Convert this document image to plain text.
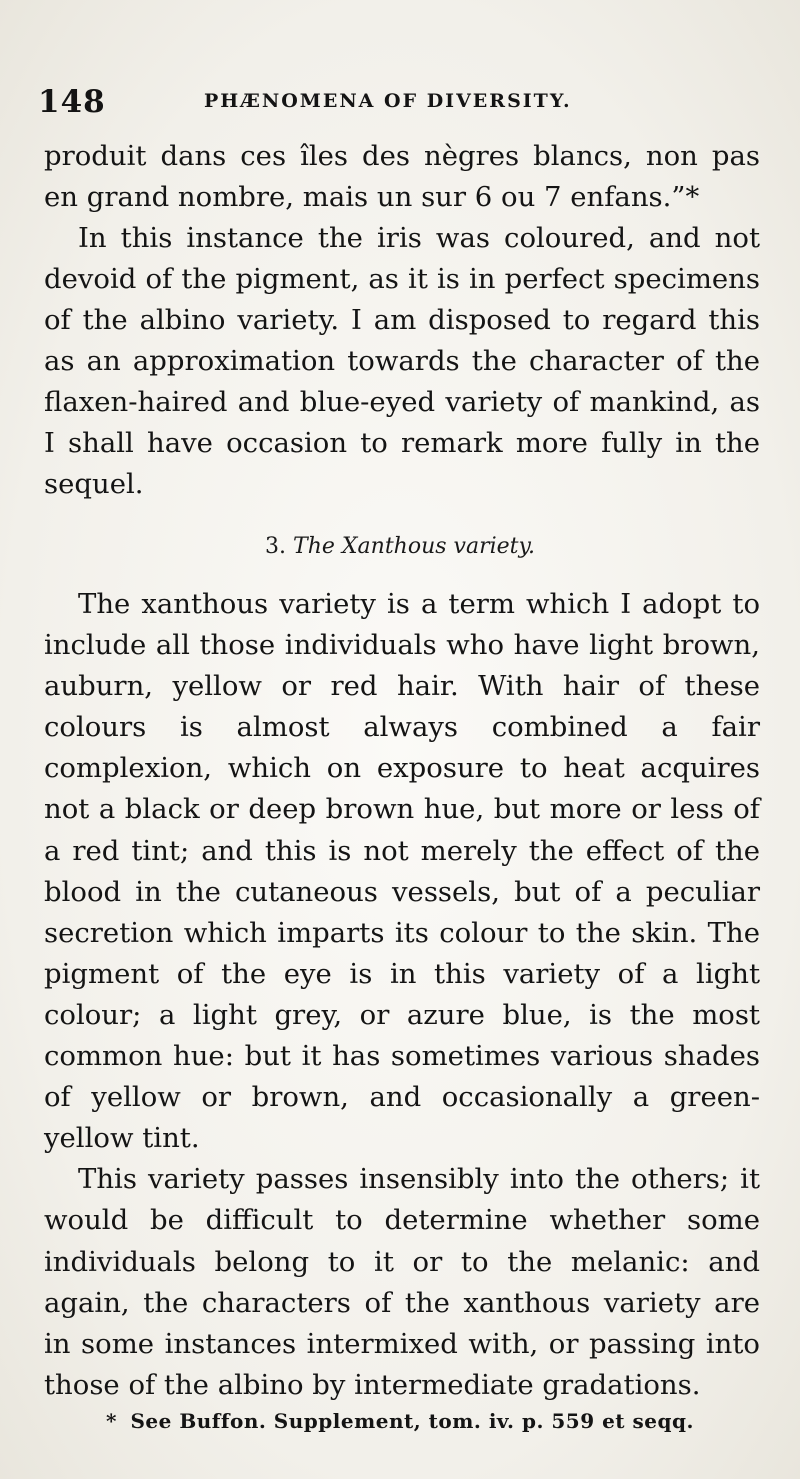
148	PHÆNOMENA OF DIVERSITY.

produit dans ces îles des nègres blancs, non pas en grand nombre, mais un sur 6 ou 7 enfans.”*

In this instance the iris was coloured, and not devoid of the pigment, as it is in perfect specimens of the albino variety. I am disposed to regard this as an approximation towards the character of the flaxen-haired and blue-eyed variety of mankind, as I shall have occasion to remark more fully in the sequel.

3. The Xanthous variety.

The xanthous variety is a term which I adopt to include all those individuals who have light brown, auburn, yellow or red hair. With hair of these colours is almost always combined a fair complexion, which on exposure to heat acquires not a black or deep brown hue, but more or less of a red tint; and this is not merely the effect of the blood in the cutaneous vessels, but of a peculiar secretion which imparts its colour to the skin. The pigment of the eye is in this variety of a light colour; a light grey, or azure blue, is the most common hue: but it has sometimes various shades of yellow or brown, and occasionally a green-yellow tint.

This variety passes insensibly into the others; it would be difficult to determine whether some individuals belong to it or to the melanic: and again, the characters of the xanthous variety are in some instances intermixed with, or passing into those of the albino by intermediate gradations.

* See Buffon. Supplement, tom. iv. p. 559 et seqq.
